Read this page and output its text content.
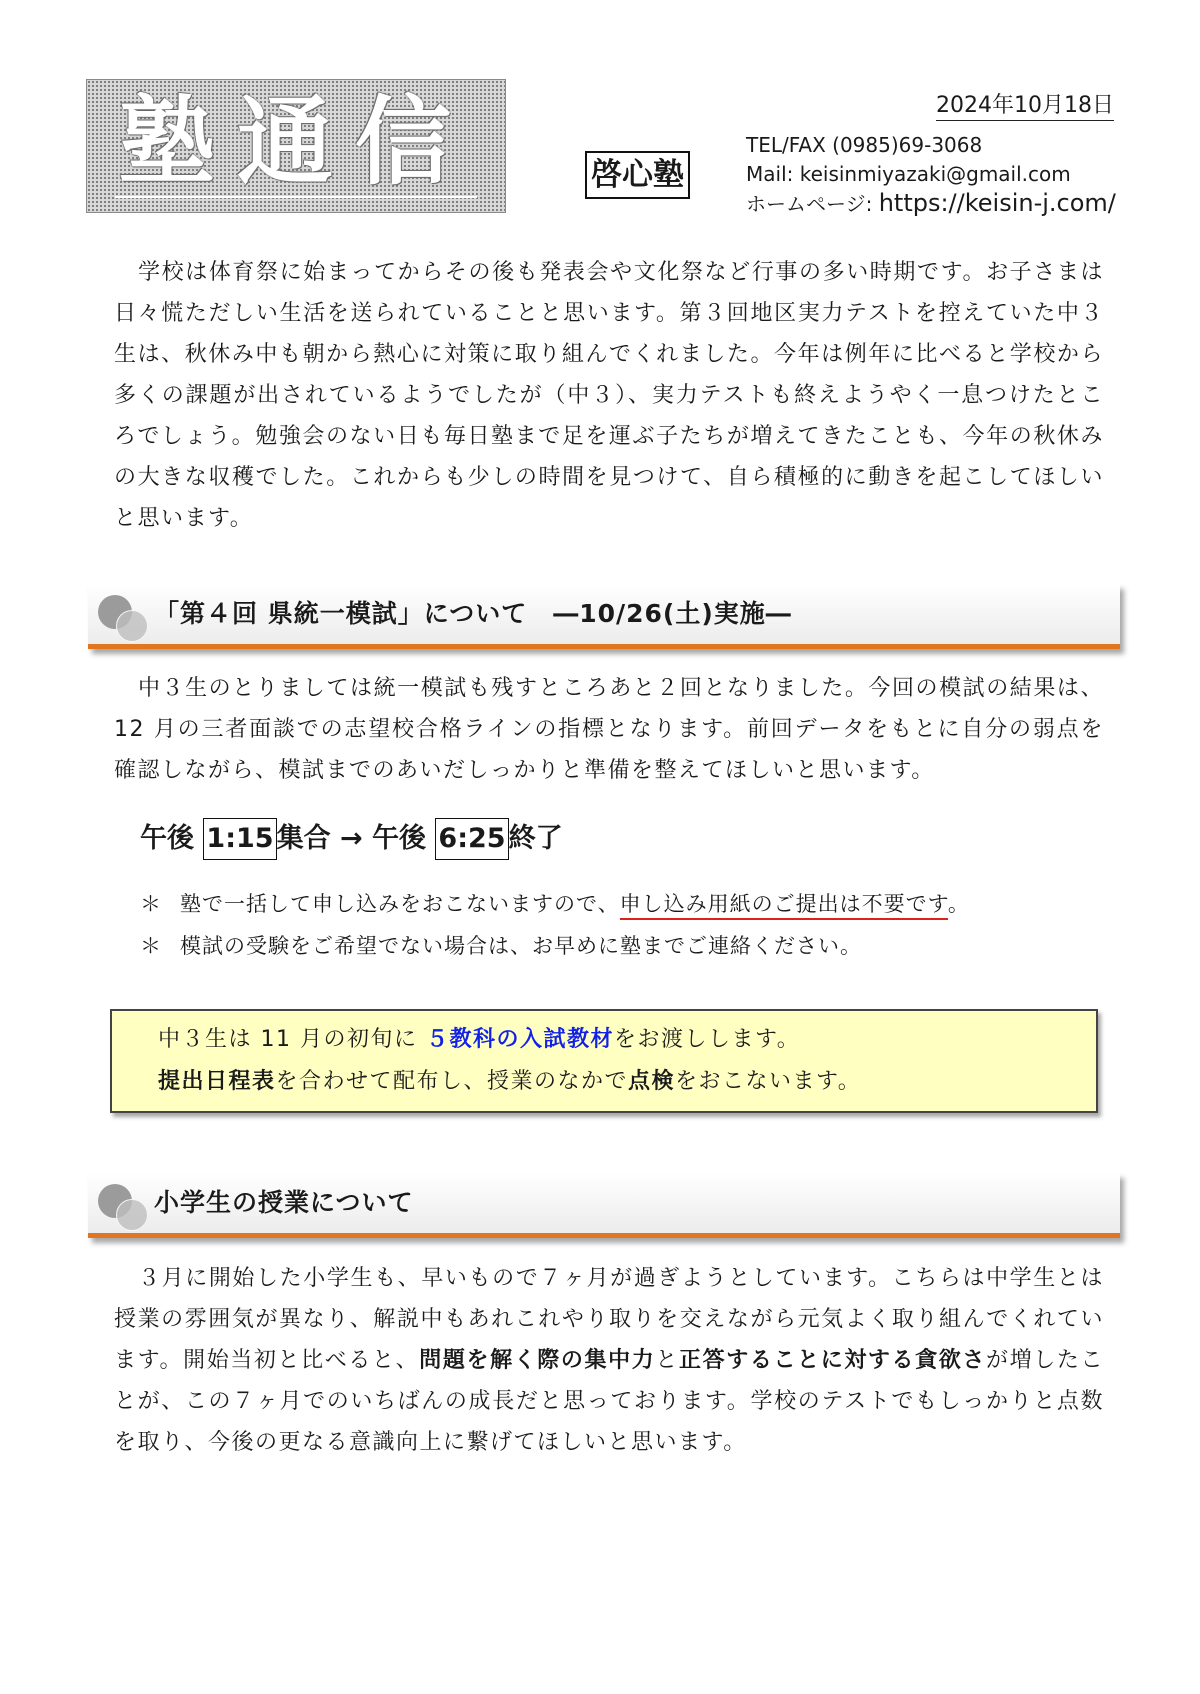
塾通信	啓心塾
2024年10月18日
TEL/FAX (0985)69-3068
Mail: keisinmiyazaki@gmail.com
ホームページ: https://keisin-j.com/

学校は体育祭に始まってからその後も発表会や文化祭など行事の多い時期です。お子さまは日々慌ただしい生活を送られていることと思います。第３回地区実力テストを控えていた中３生は、秋休み中も朝から熱心に対策に取り組んでくれました。今年は例年に比べると学校から多くの課題が出されているようでしたが（中３）、実力テストも終えようやく一息つけたところでしょう。勉強会のない日も毎日塾まで足を運ぶ子たちが増えてきたことも、今年の秋休みの大きな収穫でした。これからも少しの時間を見つけて、自ら積極的に動きを起こしてほしいと思います。

「第４回 県統一模試」について　―10/26(土)実施―

中３生のとりましては統一模試も残すところあと２回となりました。今回の模試の結果は、12 月の三者面談での志望校合格ラインの指標となります。前回データをもとに自分の弱点を確認しながら、模試までのあいだしっかりと準備を整えてほしいと思います。

午後 1:15 集合 → 午後 6:25 終了
＊ 塾で一括して申し込みをおこないますので、申し込み用紙のご提出は不要です。
＊ 模試の受験をご希望でない場合は、お早めに塾までご連絡ください。
中３生は 11 月の初旬に ５教科の入試教材をお渡しします。
提出日程表を合わせて配布し、授業のなかで点検をおこないます。
小学生の授業について

３月に開始した小学生も、早いもので７ヶ月が過ぎようとしています。こちらは中学生とは授業の雰囲気が異なり、解説中もあれこれやり取りを交えながら元気よく取り組んでくれています。開始当初と比べると、問題を解く際の集中力と正答することに対する貪欲さが増したことが、この７ヶ月でのいちばんの成長だと思っております。学校のテストでもしっかりと点数を取り、今後の更なる意識向上に繋げてほしいと思います。
